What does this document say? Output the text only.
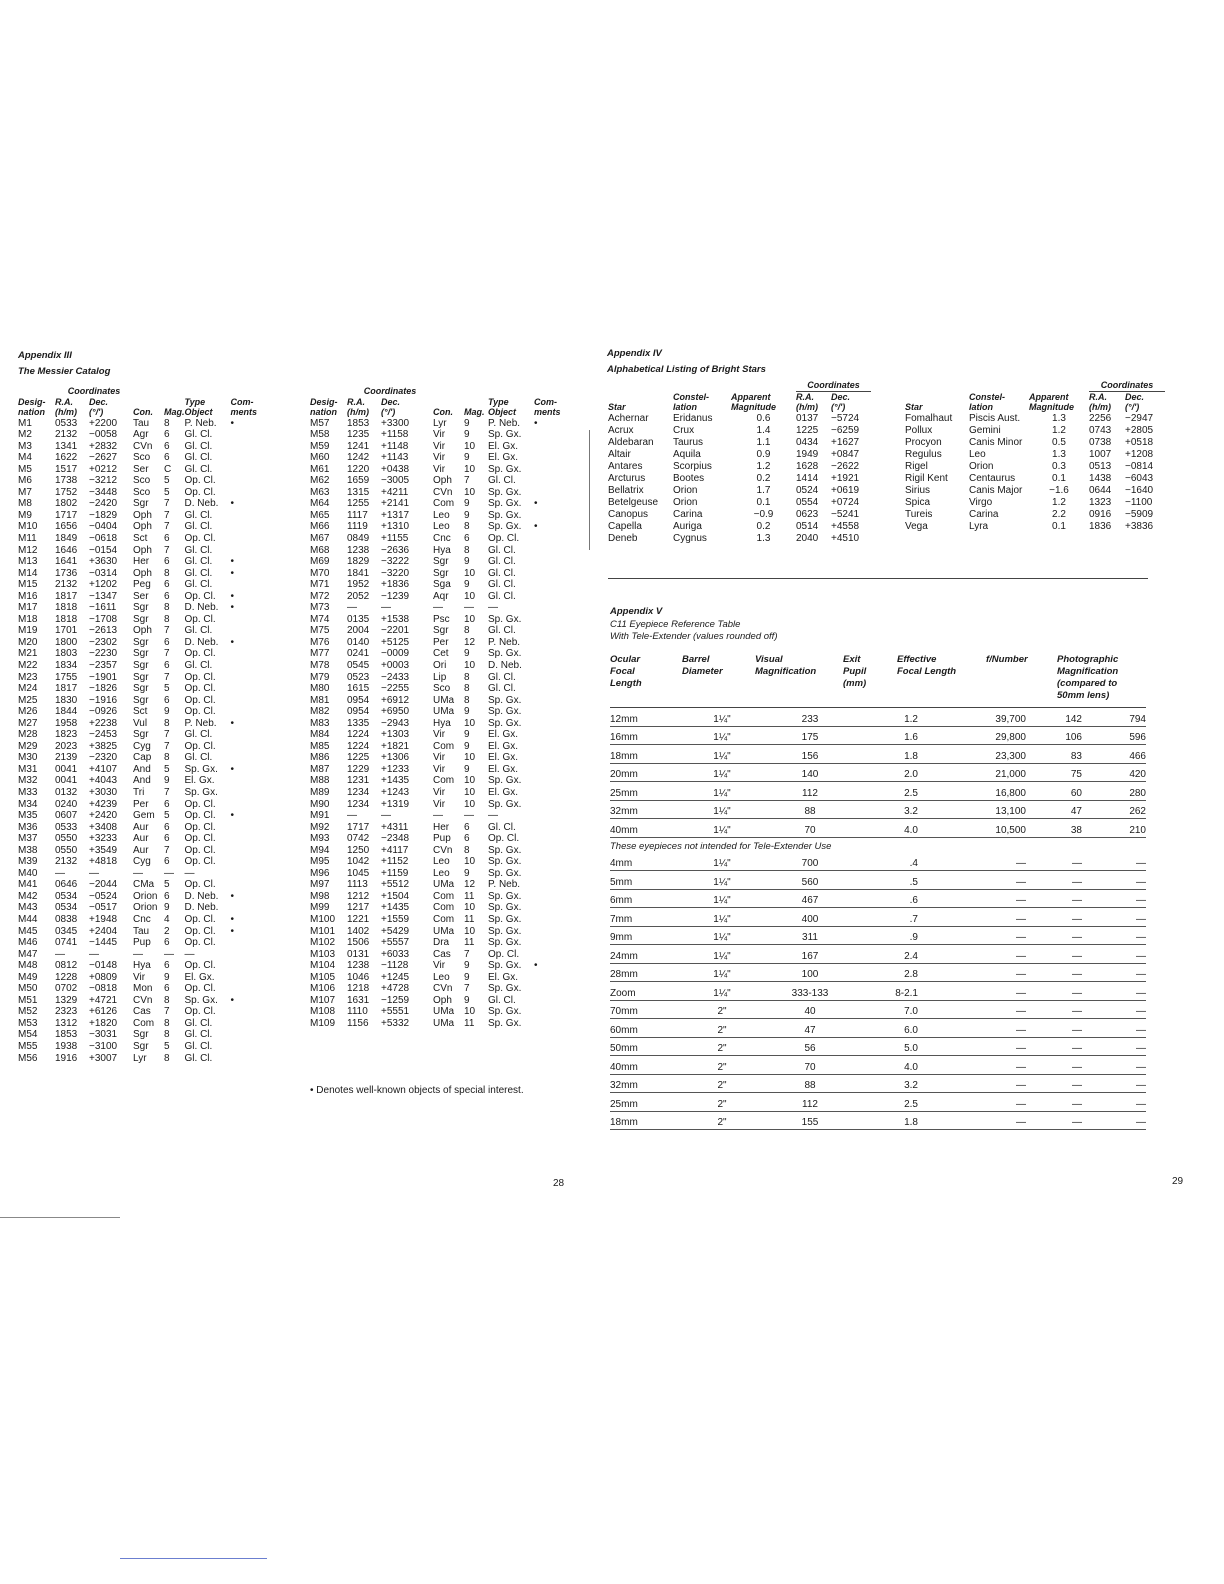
Appendix III
The Messier Catalog
	Coordinates					
Desig-
nation	R.A.
(h/m)	Dec.
(°/')	Con.	Mag.	Type
Object	Com-
ments
M1	0533	+2200	Tau	8	P. Neb.	•
M2	2132	−0058	Agr	6	Gl. Cl.	
M3	1341	+2832	CVn	6	Gl. Cl.	
M4	1622	−2627	Sco	6	Gl. Cl.	
M5	1517	+0212	Ser	C	Gl. Cl.	
M6	1738	−3212	Sco	5	Op. Cl.	
M7	1752	−3448	Sco	5	Op. Cl.	
M8	1802	−2420	Sgr	7	D. Neb.	•
M9	1717	−1829	Oph	7	Gl. Cl.	
M10	1656	−0404	Oph	7	Gl. Cl.	
M11	1849	−0618	Sct	6	Op. Cl.	
M12	1646	−0154	Oph	7	Gl. Cl.	
M13	1641	+3630	Her	6	Gl. Cl.	•
M14	1736	−0314	Oph	8	Gl. Cl.	•
M15	2132	+1202	Peg	6	Gl. Cl.	
M16	1817	−1347	Ser	6	Op. Cl.	•
M17	1818	−1611	Sgr	8	D. Neb.	•
M18	1818	−1708	Sgr	8	Op. Cl.	
M19	1701	−2613	Oph	7	Gl. Cl.	
M20	1800	−2302	Sgr	6	D. Neb.	•
M21	1803	−2230	Sgr	7	Op. Cl.	
M22	1834	−2357	Sgr	6	Gl. Cl.	
M23	1755	−1901	Sgr	7	Op. Cl.	
M24	1817	−1826	Sgr	5	Op. Cl.	
M25	1830	−1916	Sgr	6	Op. Cl.	
M26	1844	−0926	Sct	9	Op. Cl.	
M27	1958	+2238	Vul	8	P. Neb.	•
M28	1823	−2453	Sgr	7	Gl. Cl.	
M29	2023	+3825	Cyg	7	Op. Cl.	
M30	2139	−2320	Cap	8	Gl. Cl.	
M31	0041	+4107	And	5	Sp. Gx.	•
M32	0041	+4043	And	9	El. Gx.	
M33	0132	+3030	Tri	7	Sp. Gx.	
M34	0240	+4239	Per	6	Op. Cl.	
M35	0607	+2420	Gem	5	Op. Cl.	•
M36	0533	+3408	Aur	6	Op. Cl.	
M37	0550	+3233	Aur	6	Op. Cl.	
M38	0550	+3549	Aur	7	Op. Cl.	
M39	2132	+4818	Cyg	6	Op. Cl.	
M40	—	—	—	—	—	
M41	0646	−2044	CMa	5	Op. Cl.	
M42	0534	−0524	Orion	6	D. Neb.	•
M43	0534	−0517	Orion	9	D. Neb.	
M44	0838	+1948	Cnc	4	Op. Cl.	•
M45	0345	+2404	Tau	2	Op. Cl.	•
M46	0741	−1445	Pup	6	Op. Cl.	
M47	—	—	—	—	—	
M48	0812	−0148	Hya	6	Op. Cl.	
M49	1228	+0809	Vir	9	El. Gx.	
M50	0702	−0818	Mon	6	Op. Cl.	
M51	1329	+4721	CVn	8	Sp. Gx.	•
M52	2323	+6126	Cas	7	Op. Cl.	
M53	1312	+1820	Com	8	Gl. Cl.	
M54	1853	−3031	Sgr	8	Gl. Cl.	
M55	1938	−3100	Sgr	5	Gl. Cl.	
M56	1916	+3007	Lyr	8	Gl. Cl.	
	Coordinates					
Desig-
nation	R.A.
(h/m)	Dec.
(°/')	Con.	Mag.	Type
Object	Com-
ments
M57	1853	+3300	Lyr	9	P. Neb.	•
M58	1235	+1158	Vir	9	Sp. Gx.	
M59	1241	+1148	Vir	10	El. Gx.	
M60	1242	+1143	Vir	9	El. Gx.	
M61	1220	+0438	Vir	10	Sp. Gx.	
M62	1659	−3005	Oph	7	Gl. Cl.	
M63	1315	+4211	CVn	10	Sp. Gx.	
M64	1255	+2141	Com	9	Sp. Gx.	•
M65	1117	+1317	Leo	9	Sp. Gx.	
M66	1119	+1310	Leo	8	Sp. Gx.	•
M67	0849	+1155	Cnc	6	Op. Cl.	
M68	1238	−2636	Hya	8	Gl. Cl.	
M69	1829	−3222	Sgr	9	Gl. Cl.	
M70	1841	−3220	Sgr	10	Gl. Cl.	
M71	1952	+1836	Sga	9	Gl. Cl.	
M72	2052	−1239	Aqr	10	Gl. Cl.	
M73	—	—	—	—	—	
M74	0135	+1538	Psc	10	Sp. Gx.	
M75	2004	−2201	Sgr	8	Gl. Cl.	
M76	0140	+5125	Per	12	P. Neb.	
M77	0241	−0009	Cet	9	Sp. Gx.	
M78	0545	+0003	Ori	10	D. Neb.	
M79	0523	−2433	Lip	8	Gl. Cl.	
M80	1615	−2255	Sco	8	Gl. Cl.	
M81	0954	+6912	UMa	8	Sp. Gx.	
M82	0954	+6950	UMa	9	Sp. Gx.	
M83	1335	−2943	Hya	10	Sp. Gx.	
M84	1224	+1303	Vir	9	El. Gx.	
M85	1224	+1821	Com	9	El. Gx.	
M86	1225	+1306	Vir	10	El. Gx.	
M87	1229	+1233	Vir	9	El. Gx.	
M88	1231	+1435	Com	10	Sp. Gx.	
M89	1234	+1243	Vir	10	El. Gx.	
M90	1234	+1319	Vir	10	Sp. Gx.	
M91	—	—	—	—	—	
M92	1717	+4311	Her	6	Gl. Cl.	
M93	0742	−2348	Pup	6	Op. Cl.	
M94	1250	+4117	CVn	8	Sp. Gx.	
M95	1042	+1152	Leo	10	Sp. Gx.	
M96	1045	+1159	Leo	9	Sp. Gx.	
M97	1113	+5512	UMa	12	P. Neb.	
M98	1212	+1504	Com	11	Sp. Gx.	
M99	1217	+1435	Com	10	Sp. Gx.	
M100	1221	+1559	Com	11	Sp. Gx.	
M101	1402	+5429	UMa	10	Sp. Gx.	
M102	1506	+5557	Dra	11	Sp. Gx.	
M103	0131	+6033	Cas	7	Op. Cl.	
M104	1238	−1128	Vir	9	Sp. Gx.	•
M105	1046	+1245	Leo	9	El. Gx.	
M106	1218	+4728	CVn	7	Sp. Gx.	
M107	1631	−1259	Oph	9	Gl. Cl.	
M108	1110	+5551	UMa	10	Sp. Gx.	
M109	1156	+5332	UMa	11	Sp. Gx.	
• Denotes well-known objects of special interest.
28
Appendix IV
Alphabetical Listing of Bright Stars
			Coordinates	
Star	Constel-
lation	Apparent
Magnitude	R.A.
(h/m)	Dec.
(°/')
Achernar	Eridanus	0.6	0137	−5724
Acrux	Crux	1.4	1225	−6259
Aldebaran	Taurus	1.1	0434	+1627
Altair	Aquila	0.9	1949	+0847
Antares	Scorpius	1.2	1628	−2622
Arcturus	Bootes	0.2	1414	+1921
Bellatrix	Orion	1.7	0524	+0619
Betelgeuse	Orion	0.1	0554	+0724
Canopus	Carina	−0.9	0623	−5241
Capella	Auriga	0.2	0514	+4558
Deneb	Cygnus	1.3	2040	+4510
			Coordinates	
Star	Constel-
lation	Apparent
Magnitude	R.A.
(h/m)	Dec.
(°/')
Fomalhaut	Piscis Aust.	1.3	2256	−2947
Pollux	Gemini	1.2	0743	+2805
Procyon	Canis Minor	0.5	0738	+0518
Regulus	Leo	1.3	1007	+1208
Rigel	Orion	0.3	0513	−0814
Rigil Kent	Centaurus	0.1	1438	−6043
Sirius	Canis Major	−1.6	0644	−1640
Spica	Virgo	1.2	1323	−1100
Tureis	Carina	2.2	0916	−5909
Vega	Lyra	0.1	1836	+3836
Appendix V
C11 Eyepiece Reference Table
With Tele-Extender (values rounded off)
Ocular
Focal
Length
Barrel
Diameter
Visual
Magnification
Exit
Pupil
(mm)
Effective
Focal Length
f/Number	Photographic
Magnification
(compared to
50mm lens)
12mm	1¼"	233	1.2	39,700	142	794
16mm	1¼"	175	1.6	29,800	106	596
18mm	1¼"	156	1.8	23,300	83	466
20mm	1¼"	140	2.0	21,000	75	420
25mm	1¼"	112	2.5	16,800	60	280
32mm	1¼"	88	3.2	13,100	47	262
40mm	1¼"	70	4.0	10,500	38	210
These eyepieces not intended for Tele-Extender Use						
4mm	1¼"	700	.4	—	—	—
5mm	1¼"	560	.5	—	—	—
6mm	1¼"	467	.6	—	—	—
7mm	1¼"	400	.7	—	—	—
9mm	1¼"	311	.9	—	—	—
24mm	1¼"	167	2.4	—	—	—
28mm	1¼"	100	2.8	—	—	—
Zoom	1¼"	333-133	8-2.1	—	—	—
70mm	2"	40	7.0	—	—	—
60mm	2"	47	6.0	—	—	—
50mm	2"	56	5.0	—	—	—
40mm	2"	70	4.0	—	—	—
32mm	2"	88	3.2	—	—	—
25mm	2"	112	2.5	—	—	—
18mm	2"	155	1.8	—	—	—
29
